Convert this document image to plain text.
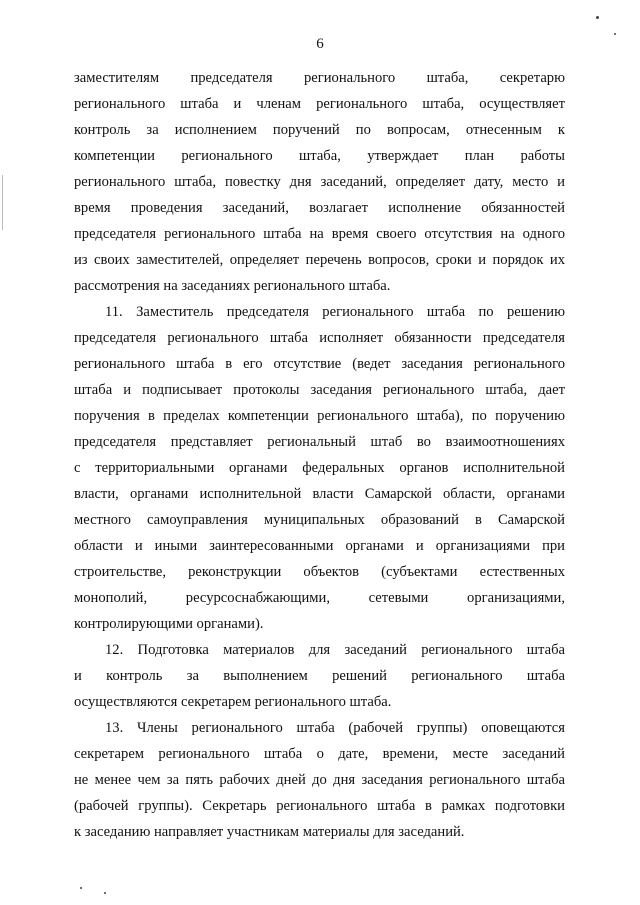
6
заместителям председателя регионального штаба, секретарю
регионального штаба и членам регионального штаба, осуществляет
контроль за исполнением поручений по вопросам, отнесенным к
компетенции регионального штаба, утверждает план работы
регионального штаба, повестку дня заседаний, определяет дату, место и
время проведения заседаний, возлагает исполнение обязанностей
председателя регионального штаба на время своего отсутствия на одного
из своих заместителей, определяет перечень вопросов, сроки и порядок их
рассмотрения на заседаниях регионального штаба.
11. Заместитель председателя регионального штаба по решению
председателя регионального штаба исполняет обязанности председателя
регионального штаба в его отсутствие (ведет заседания регионального
штаба и подписывает протоколы заседания регионального штаба, дает
поручения в пределах компетенции регионального штаба), по поручению
председателя представляет региональный штаб во взаимоотношениях
с территориальными органами федеральных органов исполнительной
власти, органами исполнительной власти Самарской области, органами
местного самоуправления муниципальных образований в Самарской
области и иными заинтересованными органами и организациями при
строительстве, реконструкции объектов (субъектами естественных
монополий, ресурсоснабжающими, сетевыми организациями,
контролирующими органами).
12. Подготовка материалов для заседаний регионального штаба
и контроль за выполнением решений регионального штаба
осуществляются секретарем регионального штаба.
13. Члены регионального штаба (рабочей группы) оповещаются
секретарем регионального штаба о дате, времени, месте заседаний
не менее чем за пять рабочих дней до дня заседания регионального штаба
(рабочей группы). Секретарь регионального штаба в рамках подготовки
к заседанию направляет участникам материалы для заседаний.
